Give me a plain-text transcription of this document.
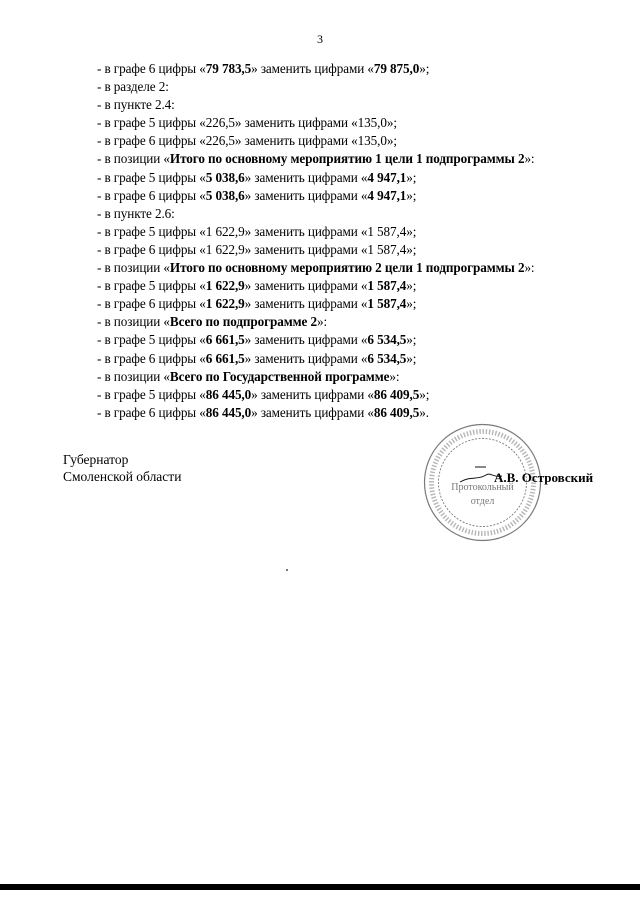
3
- в графе 6 цифры «79 783,5» заменить цифрами «79 875,0»;
- в разделе 2:
- в пункте 2.4:
- в графе 5 цифры «226,5» заменить цифрами «135,0»;
- в графе 6 цифры «226,5» заменить цифрами «135,0»;
- в позиции «Итого по основному мероприятию 1 цели 1 подпрограммы 2»:
- в графе 5 цифры «5 038,6» заменить цифрами «4 947,1»;
- в графе 6 цифры «5 038,6» заменить цифрами «4 947,1»;
- в пункте 2.6:
- в графе 5 цифры «1 622,9» заменить цифрами «1 587,4»;
- в графе 6 цифры «1 622,9» заменить цифрами «1 587,4»;
- в позиции «Итого по основному мероприятию 2 цели 1 подпрограммы 2»:
- в графе 5 цифры «1 622,9» заменить цифрами «1 587,4»;
- в графе 6 цифры «1 622,9» заменить цифрами «1 587,4»;
- в позиции «Всего по подпрограмме 2»:
- в графе 5 цифры «6 661,5» заменить цифрами «6 534,5»;
- в графе 6 цифры «6 661,5» заменить цифрами «6 534,5»;
- в позиции «Всего по Государственной программе»:
- в графе 5 цифры «86 445,0» заменить цифрами «86 409,5»;
- в графе 6 цифры «86 445,0» заменить цифрами «86 409,5».
Губернатор
Смоленской области
Протокольный
отдел
А.В. Островский
